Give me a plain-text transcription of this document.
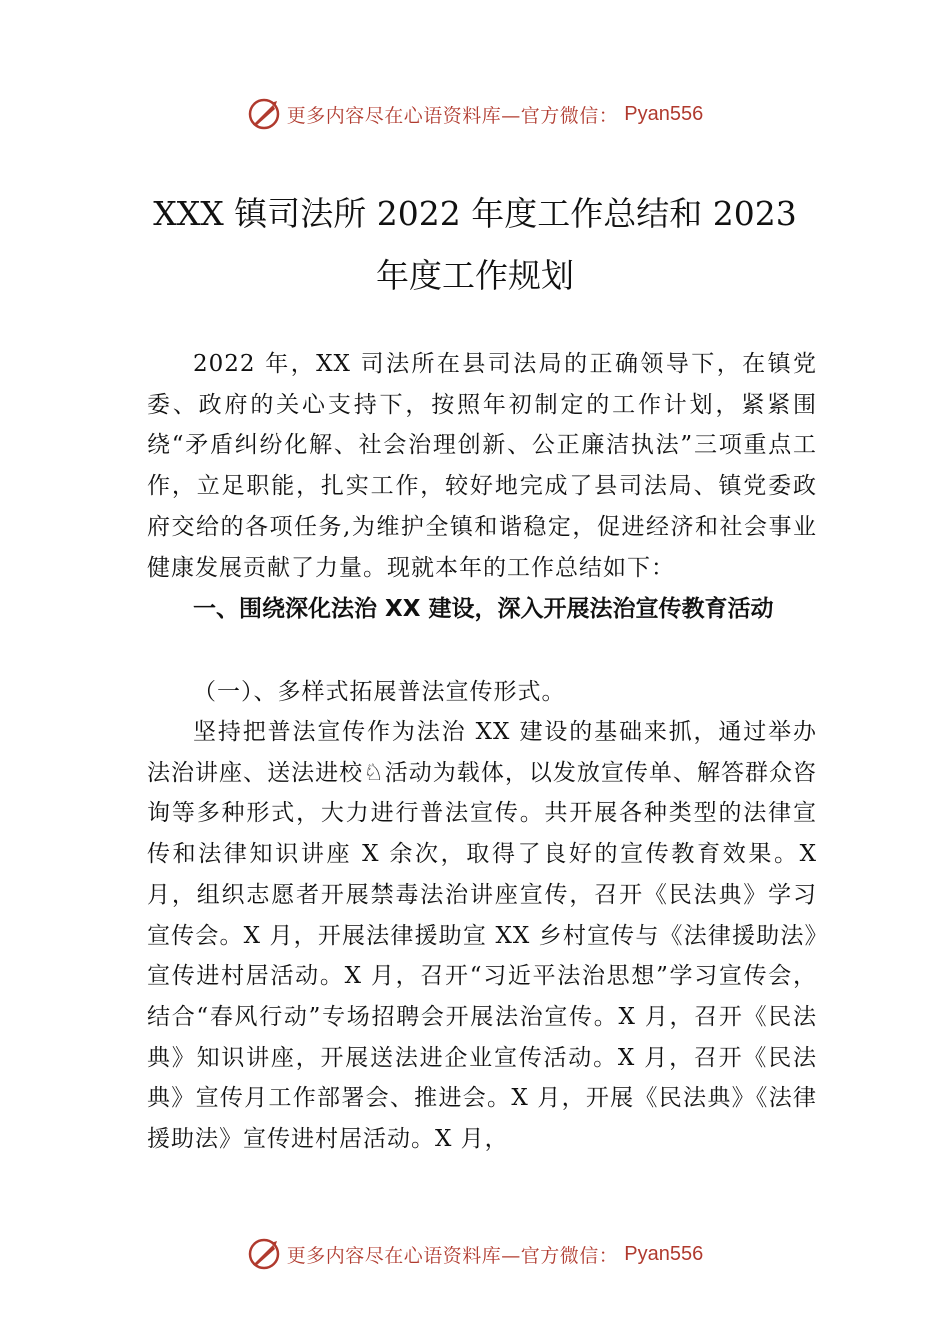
更多内容尽在心语资料库—官方微信： Pyan556
XXX 镇司法所 2022 年度工作总结和 2023
年度工作规划

2022 年，XX 司法所在县司法局的正确领导下，在镇党委、政府的关心支持下，按照年初制定的工作计划，紧紧围绕“矛盾纠纷化解、社会治理创新、公正廉洁执法”三项重点工作，立足职能，扎实工作，较好地完成了县司法局、镇党委政府交给的各项任务,为维护全镇和谐稳定，促进经济和社会事业健康发展贡献了力量。现就本年的工作总结如下：

一、围绕深化法治 XX 建设，深入开展法治宣传教育活动

（一）、多样式拓展普法宣传形式。

坚持把普法宣传作为法治 XX 建设的基础来抓，通过举办法治讲座、送法进校♘活动为载体，以发放宣传单、解答群众咨询等多种形式，大力进行普法宣传。共开展各种类型的法律宣传和法律知识讲座 X 余次，取得了良好的宣传教育效果。X 月，组织志愿者开展禁毒法治讲座宣传，召开《民法典》学习宣传会。X 月，开展法律援助宣 XX 乡村宣传与《法律援助法》宣传进村居活动。X 月，召开“习近平法治思想”学习宣传会，结合“春风行动”专场招聘会开展法治宣传。X 月，召开《民法典》知识讲座，开展送法进企业宣传活动。X 月，召开《民法典》宣传月工作部署会、推进会。X 月，开展《民法典》《法律援助法》宣传进村居活动。X 月，

更多内容尽在心语资料库—官方微信： Pyan556
